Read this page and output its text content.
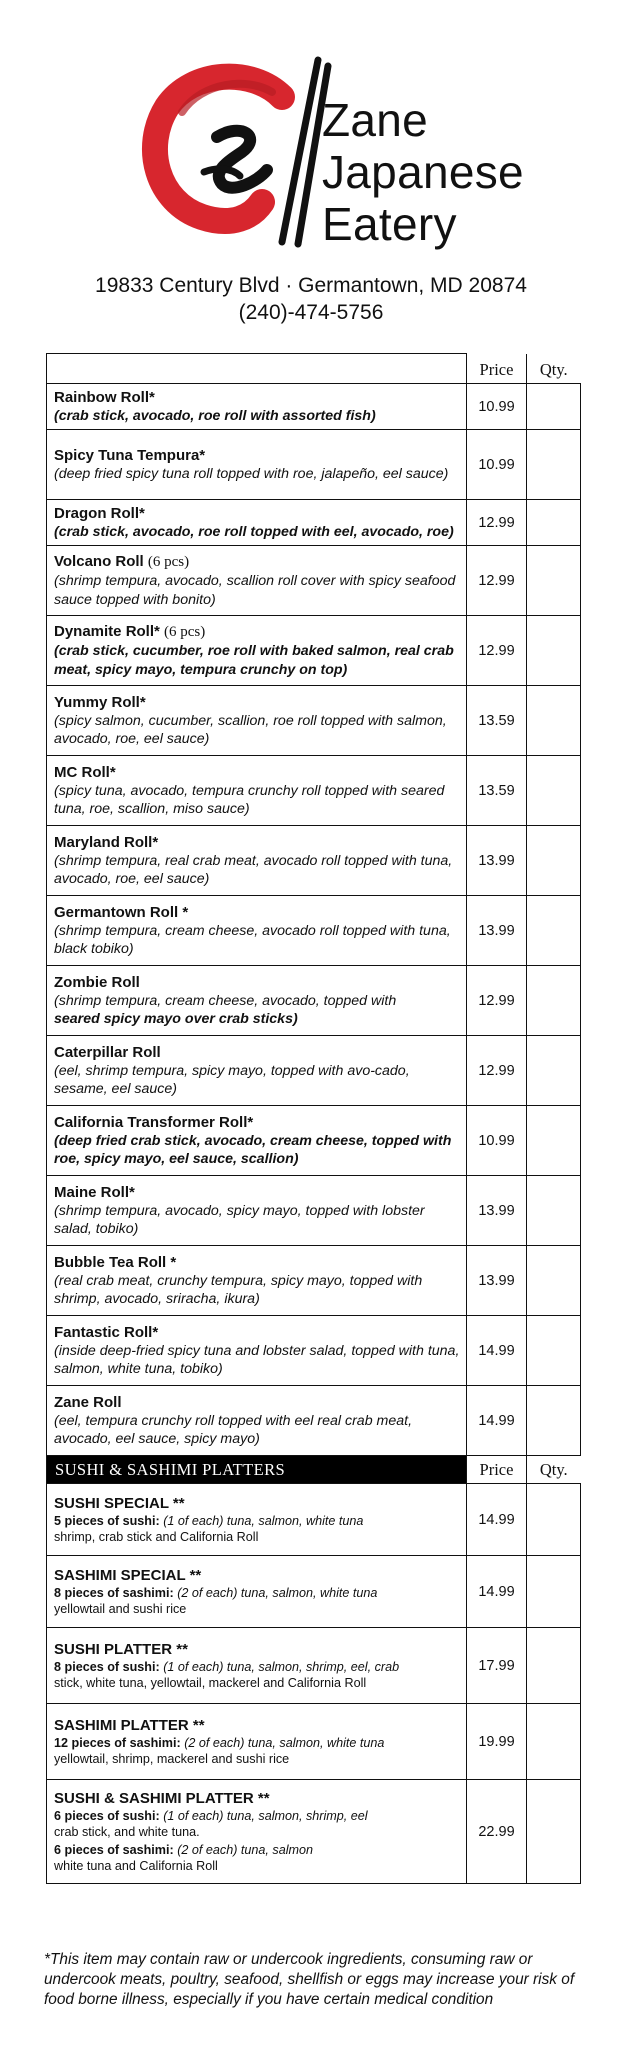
Zane
Japanese
Eatery
19833 Century Blvd · Germantown, MD 20874
(240)-474-5756
	Price	Qty.

Rainbow Roll*
(crab stick, avocado, roe roll with assorted fish)	10.99	

Spicy Tuna Tempura*
(deep fried spicy tuna roll topped with roe, jalapeño, eel sauce)	10.99	

Dragon Roll*
(crab stick, avocado, roe roll topped with eel, avocado, roe)	12.99	

Volcano Roll (6 pcs)
(shrimp tempura, avocado, scallion roll cover with spicy seafood sauce topped with bonito)	12.99	

Dynamite Roll* (6 pcs)
(crab stick, cucumber, roe roll with baked salmon, real crab meat, spicy mayo, tempura crunchy on top)	12.99	

Yummy Roll*
(spicy salmon, cucumber, scallion, roe roll topped with salmon, avocado, roe, eel sauce)	13.59	

MC Roll*
(spicy tuna, avocado, tempura crunchy roll topped with seared tuna, roe, scallion, miso sauce)	13.59	

Maryland Roll*
(shrimp tempura, real crab meat, avocado roll topped with tuna, avocado, roe, eel sauce)	13.99	

Germantown Roll *
(shrimp tempura, cream cheese, avocado roll topped with tuna, black tobiko)	13.99	

Zombie Roll
(shrimp tempura, cream cheese, avocado, topped with
seared spicy mayo over crab sticks)	12.99	

Caterpillar Roll
(eel, shrimp tempura, spicy mayo, topped with avo-cado, sesame, eel sauce)	12.99	

California Transformer Roll*
(deep fried crab stick, avocado, cream cheese, topped with roe, spicy mayo, eel sauce, scallion)	10.99	

Maine Roll*
(shrimp tempura, avocado, spicy mayo, topped with lobster salad, tobiko)	13.99	

Bubble Tea Roll *
(real crab meat, crunchy tempura, spicy mayo, topped with shrimp, avocado, sriracha, ikura)	13.99	

Fantastic Roll*
(inside deep-fried spicy tuna and lobster salad, topped with tuna, salmon, white tuna, tobiko)	14.99	

Zane Roll
(eel, tempura crunchy roll topped with eel real crab meat, avocado, eel sauce, spicy mayo)	14.99	
SUSHI & SASHIMI PLATTERS	Price	Qty.

SUSHI SPECIAL **
5 pieces of sushi: (1 of each) tuna, salmon, white tuna
shrimp, crab stick and California Roll	14.99	

SASHIMI SPECIAL **
8 pieces of sashimi: (2 of each) tuna, salmon, white tuna
yellowtail and sushi rice	14.99	

SUSHI PLATTER **
8 pieces of sushi: (1 of each) tuna, salmon, shrimp, eel, crab
stick, white tuna, yellowtail, mackerel and California Roll	17.99	

SASHIMI PLATTER **
12 pieces of sashimi: (2 of each) tuna, salmon, white tuna
yellowtail, shrimp, mackerel and sushi rice	19.99	

SUSHI & SASHIMI PLATTER **
6 pieces of sushi: (1 of each) tuna, salmon, shrimp, eel
crab stick, and white tuna.
6 pieces of sashimi: (2 of each) tuna, salmon
white tuna and California Roll	22.99	
*This item may contain raw or undercook ingredients, consuming raw or undercook meats, poultry, seafood, shellfish or eggs may increase your risk of food borne illness, especially if you have certain medical condition
